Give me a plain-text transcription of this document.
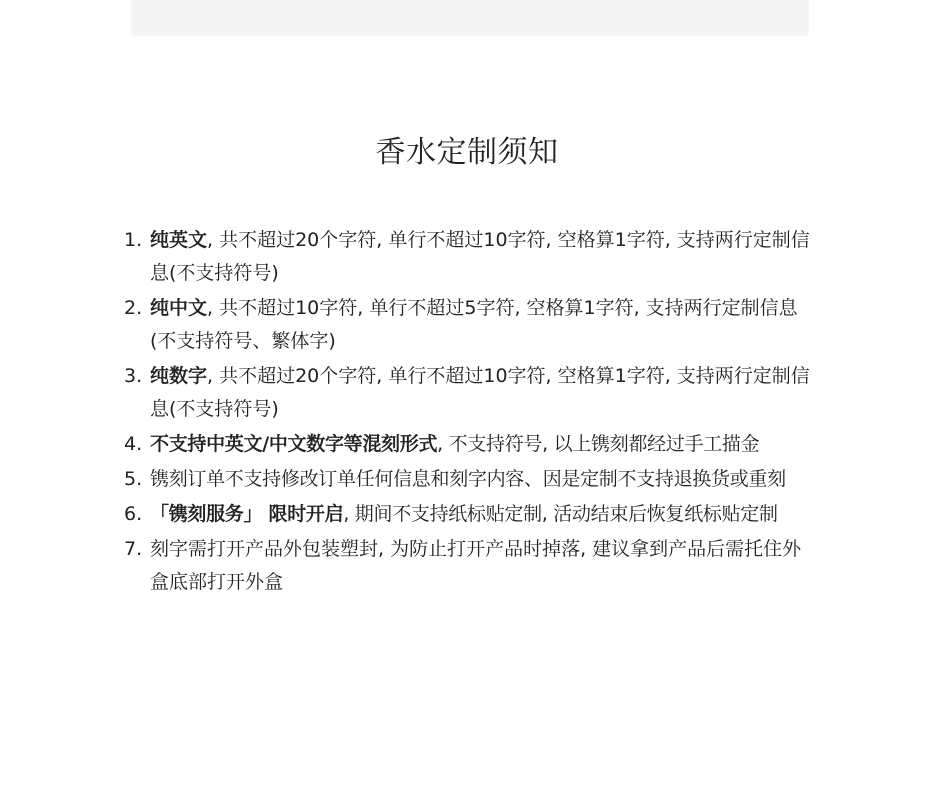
香水定制须知
1. 纯英文, 共不超过20个字符, 单行不超过10字符, 空格算1字符, 支持两行定制信息(不支持符号)
2. 纯中文, 共不超过10字符, 单行不超过5字符, 空格算1字符, 支持两行定制信息(不支持符号、繁体字)
3. 纯数字, 共不超过20个字符, 单行不超过10字符, 空格算1字符, 支持两行定制信息(不支持符号)
4. 不支持中英文/中文数字等混刻形式, 不支持符号, 以上镌刻都经过手工描金
5. 镌刻订单不支持修改订单任何信息和刻字内容、因是定制不支持退换货或重刻
6. 「镌刻服务」 限时开启, 期间不支持纸标贴定制, 活动结束后恢复纸标贴定制
7. 刻字需打开产品外包装塑封, 为防止打开产品时掉落, 建议拿到产品后需托住外盒底部打开外盒
